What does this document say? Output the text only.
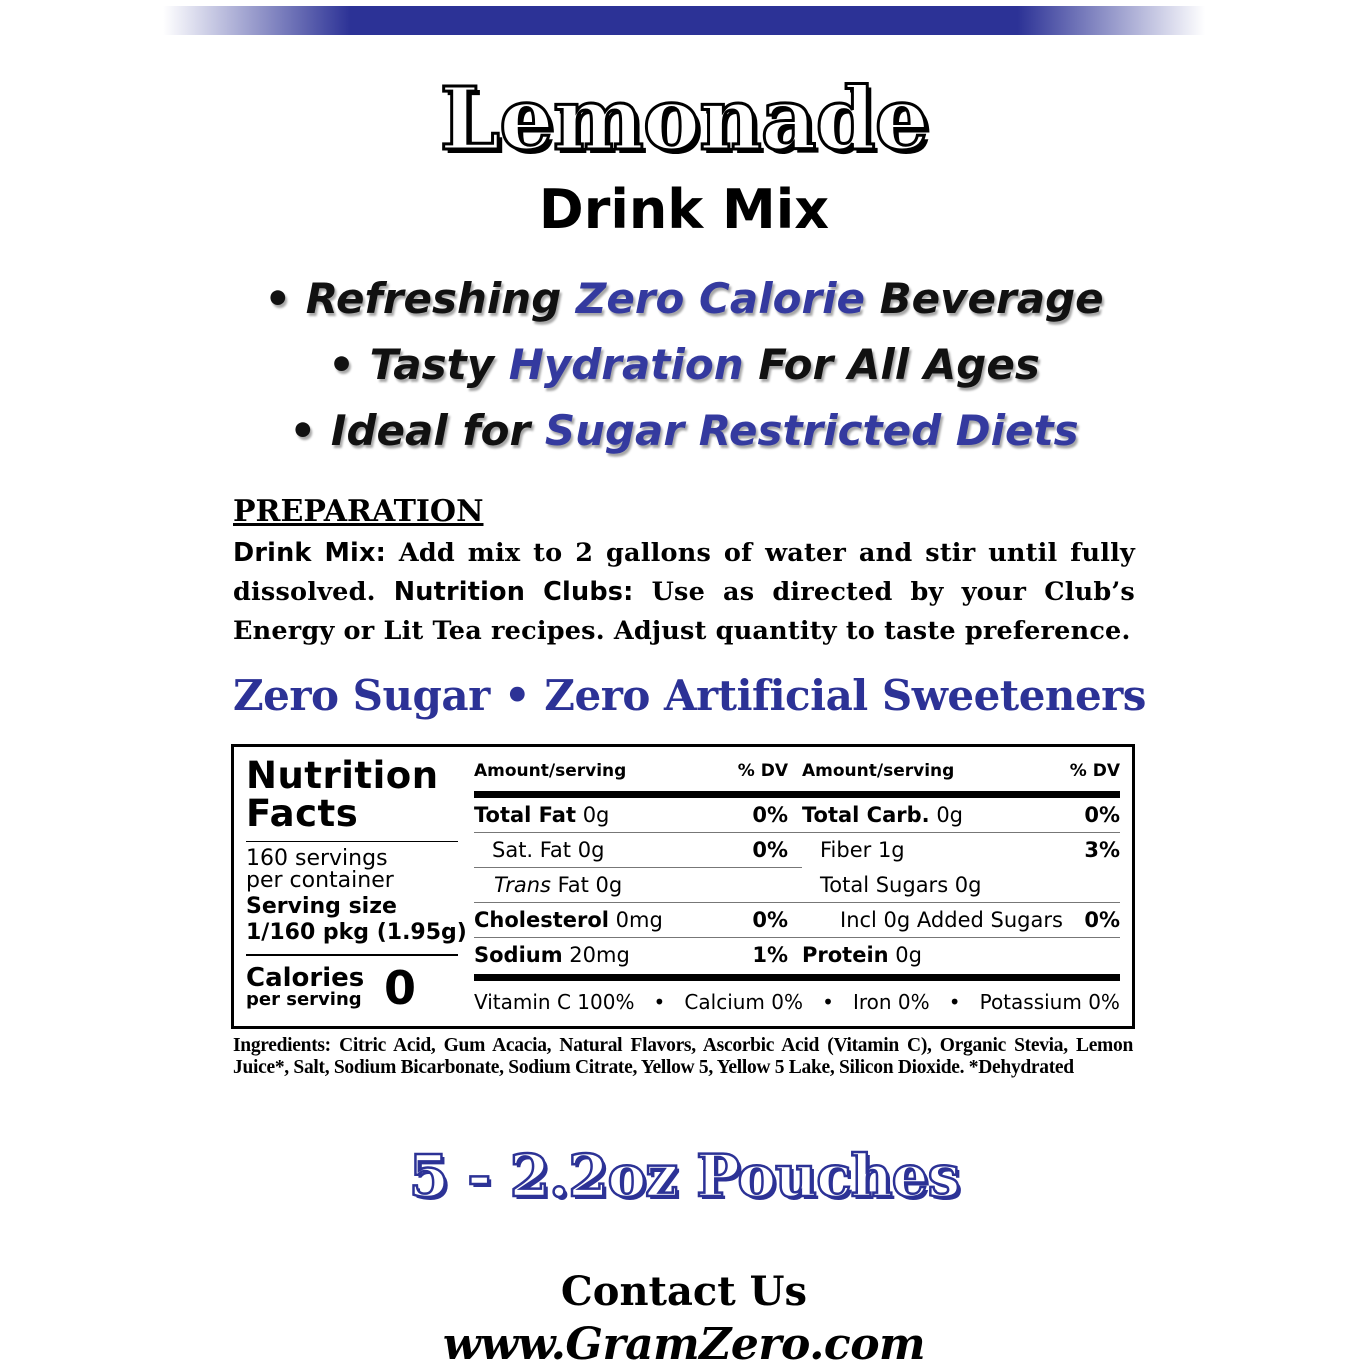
Lemonade
Drink Mix
• Refreshing Zero Calorie Beverage
• Tasty Hydration For All Ages
• Ideal for Sugar Restricted Diets
PREPARATION
Drink Mix: Add mix to 2 gallons of water and stir until fully dissolved. Nutrition Clubs: Use as directed by your Club’s Energy or Lit Tea recipes. Adjust quantity to taste preference.
Zero Sugar • Zero Artificial Sweeteners
Nutrition
Facts
160 servings
per container
Serving size
1/160 pkg (1.95g)
Calories
per serving 0
Amount/serving	% DV Amount/serving	% DV
Total Fat 0g	0% Total Carb. 0g	0%
Sat. Fat 0g	0% Fiber 1g	3%
Trans Fat 0g	Total Sugars 0g
Cholesterol 0mg	0% Incl 0g Added Sugars 0%
Sodium 20mg	1% Protein 0g
Vitamin C 100% • Calcium 0% • Iron 0% • Potassium 0%
Ingredients: Citric Acid, Gum Acacia, Natural Flavors, Ascorbic Acid (Vitamin C), Organic Stevia, Lemon Juice*, Salt, Sodium Bicarbonate, Sodium Citrate, Yellow 5, Yellow 5 Lake, Silicon Dioxide. *Dehydrated
5 - 2.2oz Pouches
Contact Us
www.GramZero.com
